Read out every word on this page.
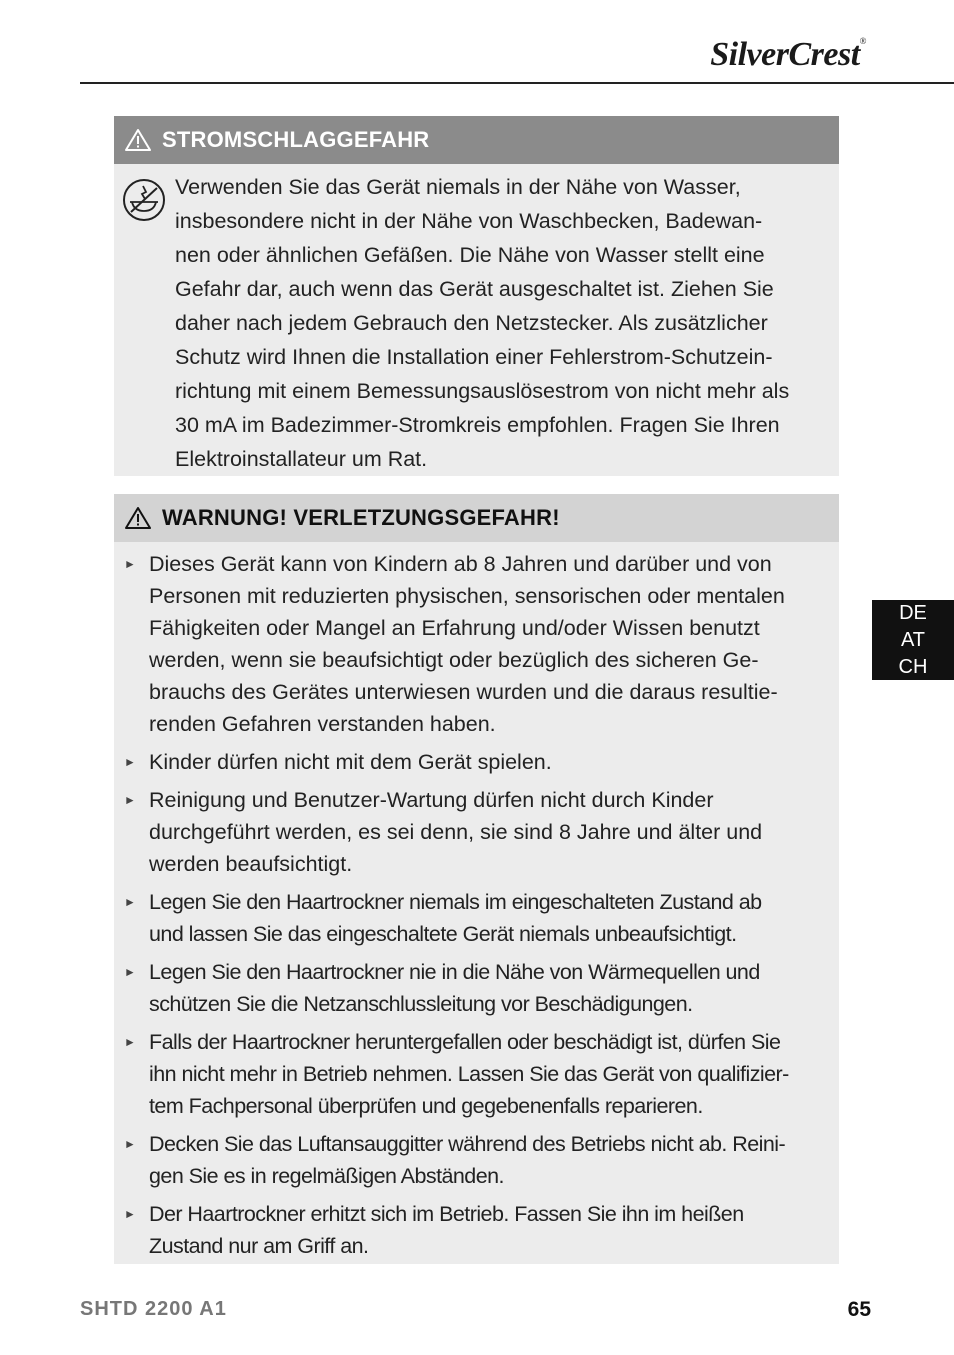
SilverCrest®
STROMSCHLAGGEFAHR
Verwenden Sie das Gerät niemals in der Nähe von Wasser,
insbesondere nicht in der Nähe von Waschbecken, Badewan-
nen oder ähnlichen Gefäßen. Die Nähe von Wasser stellt eine
Gefahr dar, auch wenn das Gerät ausgeschaltet ist. Ziehen Sie
daher nach jedem Gebrauch den Netzstecker. Als zusätzlicher
Schutz wird Ihnen die Installation einer Fehlerstrom-Schutzein-
richtung mit einem Bemessungsauslösestrom von nicht mehr als
30 mA im Badezimmer-Stromkreis empfohlen. Fragen Sie Ihren
Elektroinstallateur um Rat.
WARNUNG! VERLETZUNGSGEFAHR!
► Dieses Gerät kann von Kindern ab 8 Jahren und darüber und von
Personen mit reduzierten physischen, sensorischen oder mentalen
Fähigkeiten oder Mangel an Erfahrung und/oder Wissen benutzt
werden, wenn sie beaufsichtigt oder bezüglich des sicheren Ge-
brauchs des Gerätes unterwiesen wurden und die daraus resultie-
renden Gefahren verstanden haben.
► Kinder dürfen nicht mit dem Gerät spielen.
► Reinigung und Benutzer-Wartung dürfen nicht durch Kinder
durchgeführt werden, es sei denn, sie sind 8 Jahre und älter und
werden beaufsichtigt.
► Legen Sie den Haartrockner niemals im eingeschalteten Zustand ab
und lassen Sie das eingeschaltete Gerät niemals unbeaufsichtigt.
► Legen Sie den Haartrockner nie in die Nähe von Wärmequellen und
schützen Sie die Netzanschlussleitung vor Beschädigungen.
► Falls der Haartrockner heruntergefallen oder beschädigt ist, dürfen Sie
ihn nicht mehr in Betrieb nehmen. Lassen Sie das Gerät von qualifizier-
tem Fachpersonal überprüfen und gegebenenfalls reparieren.
► Decken Sie das Luftansauggitter während des Betriebs nicht ab. Reini-
gen Sie es in regelmäßigen Abständen.
► Der Haartrockner erhitzt sich im Betrieb. Fassen Sie ihn im heißen
Zustand nur am Griff an.
DE
AT
CH
SHTD 2200 A1	65
